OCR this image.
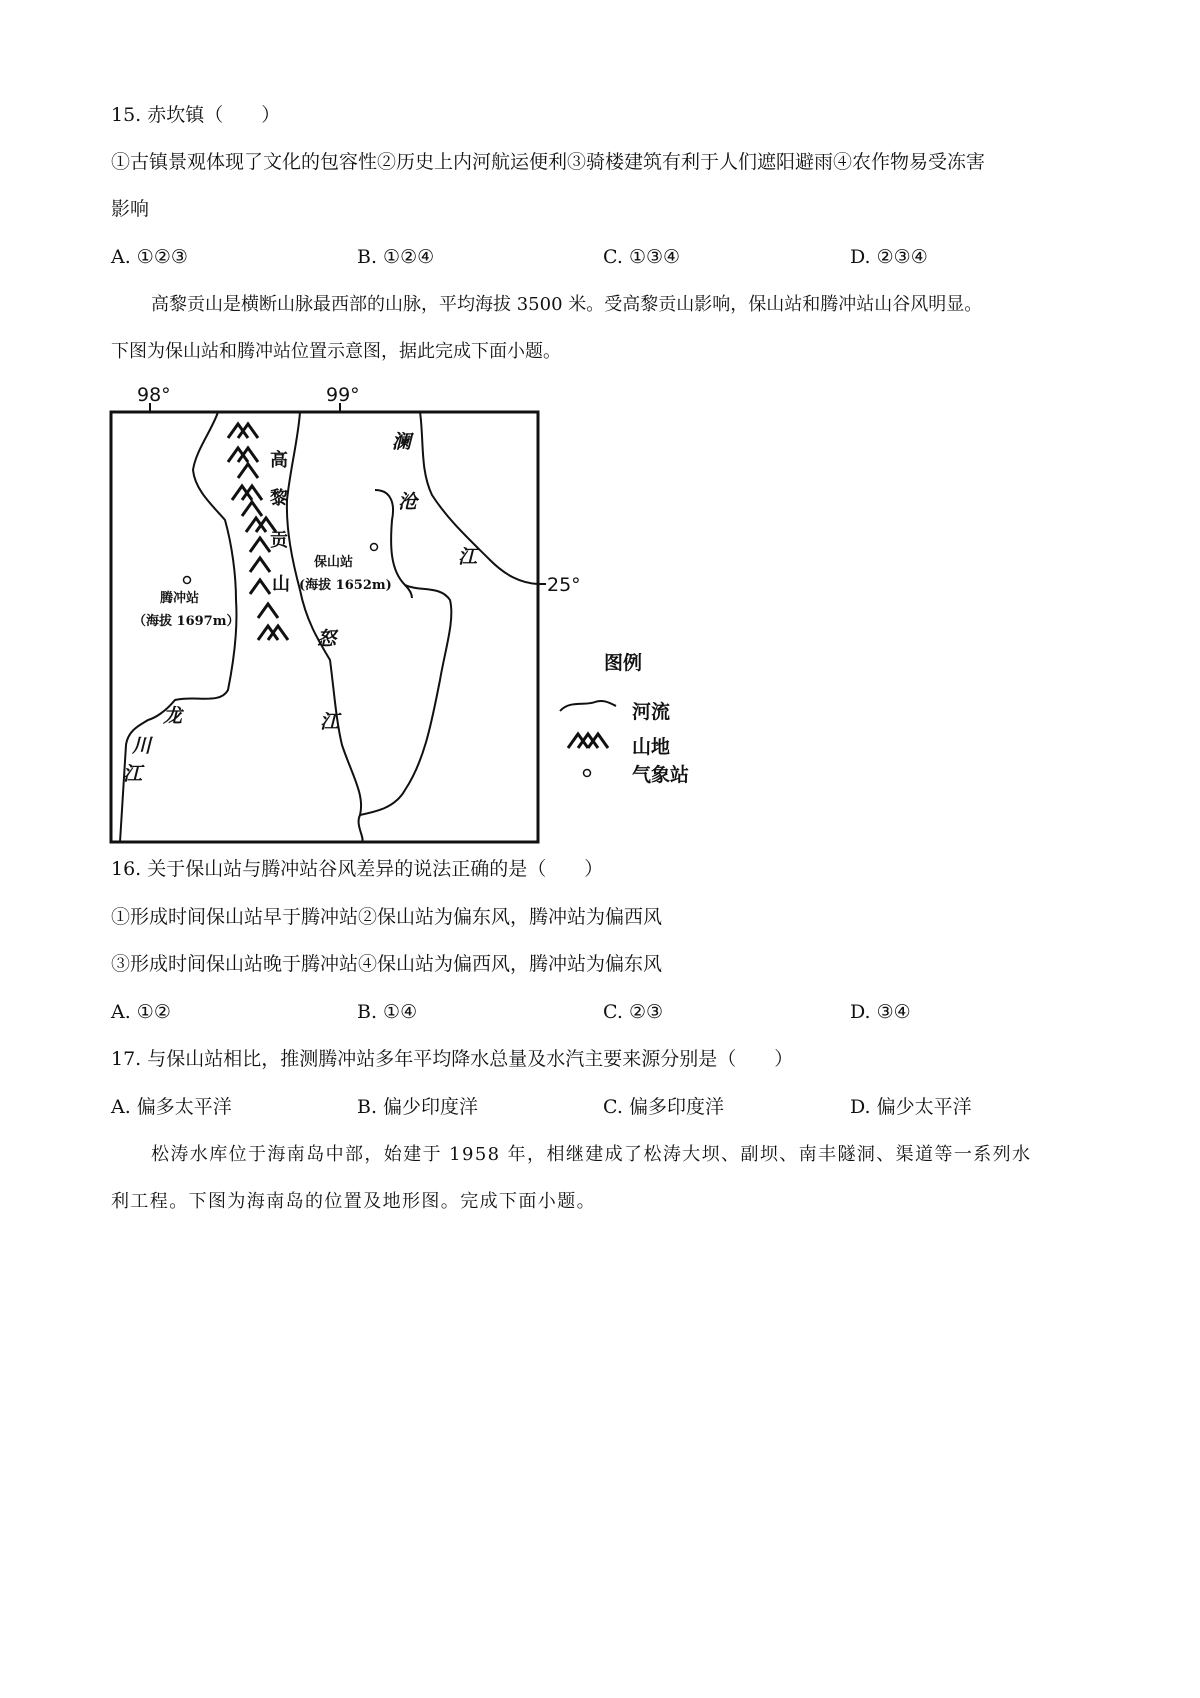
15. 赤坎镇（　　）
①古镇景观体现了文化的包容性②历史上内河航运便利③骑楼建筑有利于人们遮阳避雨④农作物易受冻害
影响
A. ①②③	B. ①②④	C. ①③④	D. ②③④
高黎贡山是横断山脉最西部的山脉，平均海拔 3500 米。受高黎贡山影响，保山站和腾冲站山谷风明显。
下图为保山站和腾冲站位置示意图，据此完成下面小题。
98°	99°
25°
高
黎
贡
山
澜
沧
江
怒
江
龙
川
江
保山站
(海拔 1652m)
腾冲站
（海拔 1697m）
图例
河流
山地
气象站
16. 关于保山站与腾冲站谷风差异的说法正确的是（　　）
①形成时间保山站早于腾冲站②保山站为偏东风，腾冲站为偏西风
③形成时间保山站晚于腾冲站④保山站为偏西风，腾冲站为偏东风
A. ①②	B. ①④	C. ②③	D. ③④
17. 与保山站相比，推测腾冲站多年平均降水总量及水汽主要来源分别是（　　）
A. 偏多太平洋	B. 偏少印度洋	C. 偏多印度洋	D. 偏少太平洋
松涛水库位于海南岛中部，始建于 1958 年，相继建成了松涛大坝、副坝、南丰隧洞、渠道等一系列水
利工程。下图为海南岛的位置及地形图。完成下面小题。
